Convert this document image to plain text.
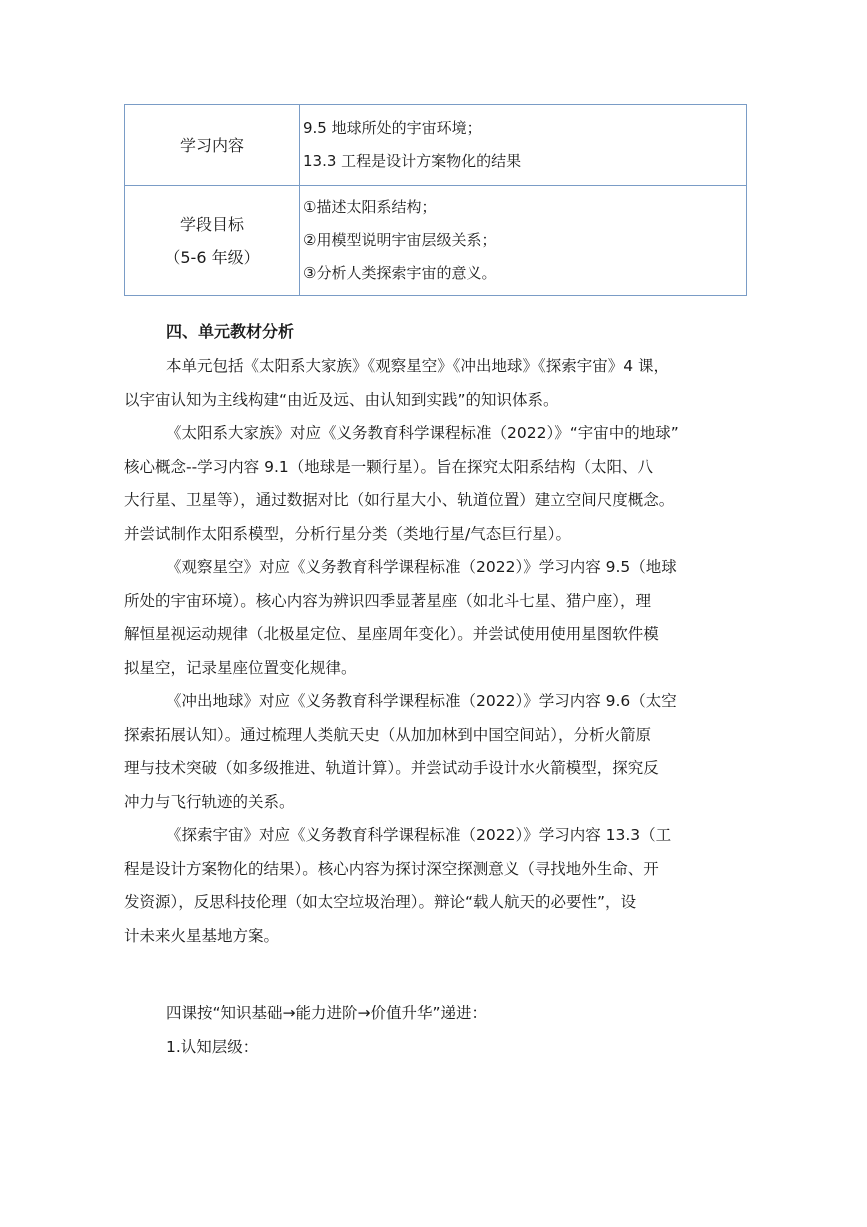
学习内容	9.5 地球所处的宇宙环境；
13.3 工程是设计方案物化的结果

学段目标
（5-6 年级）	①描述太阳系结构；
②用模型说明宇宙层级关系；
③分析人类探索宇宙的意义。
四、单元教材分析
本单元包括《太阳系大家族》《观察星空》《冲出地球》《探索宇宙》4 课，
以宇宙认知为主线构建“由近及远、由认知到实践”的知识体系。
《太阳系大家族》对应《义务教育科学课程标准（2022）》“宇宙中的地球”
核心概念--学习内容 9.1（地球是一颗行星）。旨在探究太阳系结构（太阳、八
大行星、卫星等），通过数据对比（如行星大小、轨道位置）建立空间尺度概念。
并尝试制作太阳系模型，分析行星分类（类地行星/气态巨行星）。
《观察星空》对应《义务教育科学课程标准（2022）》学习内容 9.5（地球
所处的宇宙环境）。核心内容为辨识四季显著星座（如北斗七星、猎户座），理
解恒星视运动规律（北极星定位、星座周年变化）。并尝试使用使用星图软件模
拟星空，记录星座位置变化规律。
《冲出地球》对应《义务教育科学课程标准（2022）》学习内容 9.6（太空
探索拓展认知）。通过梳理人类航天史（从加加林到中国空间站），分析火箭原
理与技术突破（如多级推进、轨道计算）。并尝试动手设计水火箭模型，探究反
冲力与飞行轨迹的关系。
《探索宇宙》对应《义务教育科学课程标准（2022）》学习内容 13.3（工
程是设计方案物化的结果）。核心内容为探讨深空探测意义（寻找地外生命、开
发资源），反思科技伦理（如太空垃圾治理）。辩论“载人航天的必要性”，设
计未来火星基地方案。
四课按“知识基础→能力进阶→价值升华”递进：
1.认知层级：
